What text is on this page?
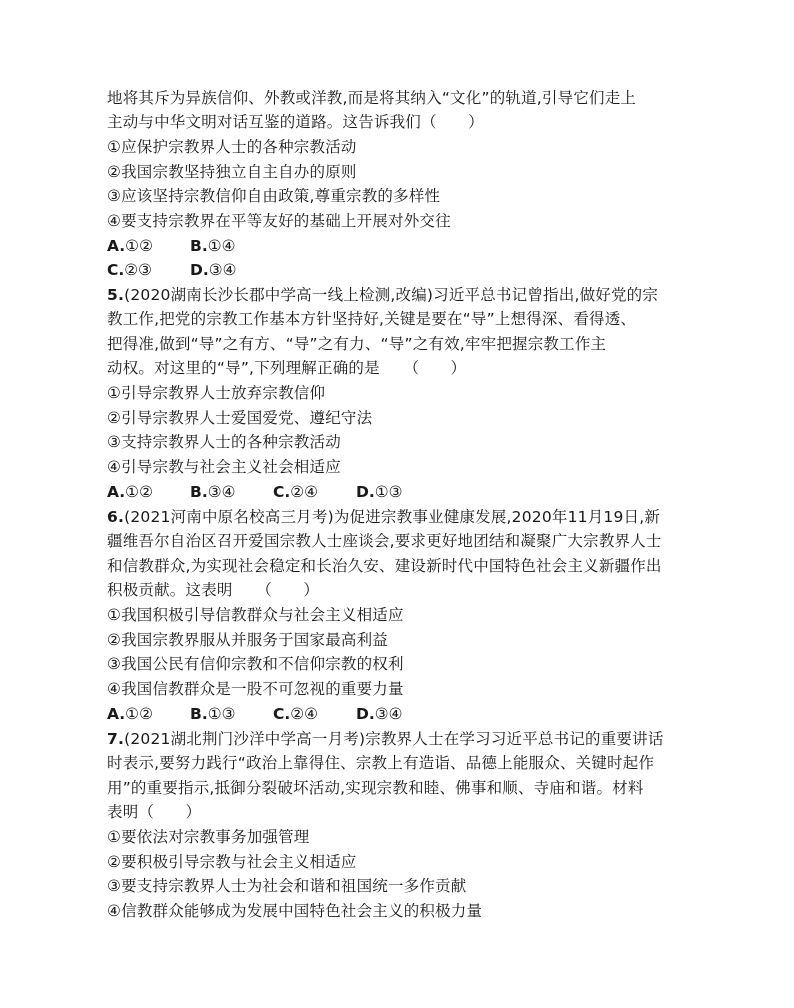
地将其斥为异族信仰、外教或洋教,而是将其纳入“文化”的轨道,引导它们走上
主动与中华文明对话互鉴的道路。这告诉我们（　　）
①应保护宗教界人士的各种宗教活动
②我国宗教坚持独立自主自办的原则
③应该坚持宗教信仰自由政策,尊重宗教的多样性
④要支持宗教界在平等友好的基础上开展对外交往

A.①②

B.①④

C.②③

D.③④

5.(2020湖南长沙长郡中学高一线上检测,改编)习近平总书记曾指出,做好党的宗
教工作,把党的宗教工作基本方针坚持好,关键是要在“导”上想得深、看得透、
把得准,做到“导”之有方、“导”之有力、“导”之有效,牢牢把握宗教工作主
动权。对这里的“导”,下列理解正确的是　　（　　）
①引导宗教界人士放弃宗教信仰
②引导宗教界人士爱国爱党、遵纪守法
③支持宗教界人士的各种宗教活动
④引导宗教与社会主义社会相适应

A.①②

B.③④

C.②④

D.①③

6.(2021河南中原名校高三月考)为促进宗教事业健康发展,2020年11月19日,新
疆维吾尔自治区召开爱国宗教人士座谈会,要求更好地团结和凝聚广大宗教界人士
和信教群众,为实现社会稳定和长治久安、建设新时代中国特色社会主义新疆作出
积极贡献。这表明　　（　　）
①我国积极引导信教群众与社会主义相适应
②我国宗教界服从并服务于国家最高利益
③我国公民有信仰宗教和不信仰宗教的权利
④我国信教群众是一股不可忽视的重要力量

A.①②

B.①③

C.②④

D.③④

7.(2021湖北荆门沙洋中学高一月考)宗教界人士在学习习近平总书记的重要讲话
时表示,要努力践行“政治上靠得住、宗教上有造诣、品德上能服众、关键时起作
用”的重要指示,抵御分裂破坏活动,实现宗教和睦、佛事和顺、寺庙和谐。材料
表明（　　）
①要依法对宗教事务加强管理
②要积极引导宗教与社会主义相适应
③要支持宗教界人士为社会和谐和祖国统一多作贡献
④信教群众能够成为发展中国特色社会主义的积极力量
